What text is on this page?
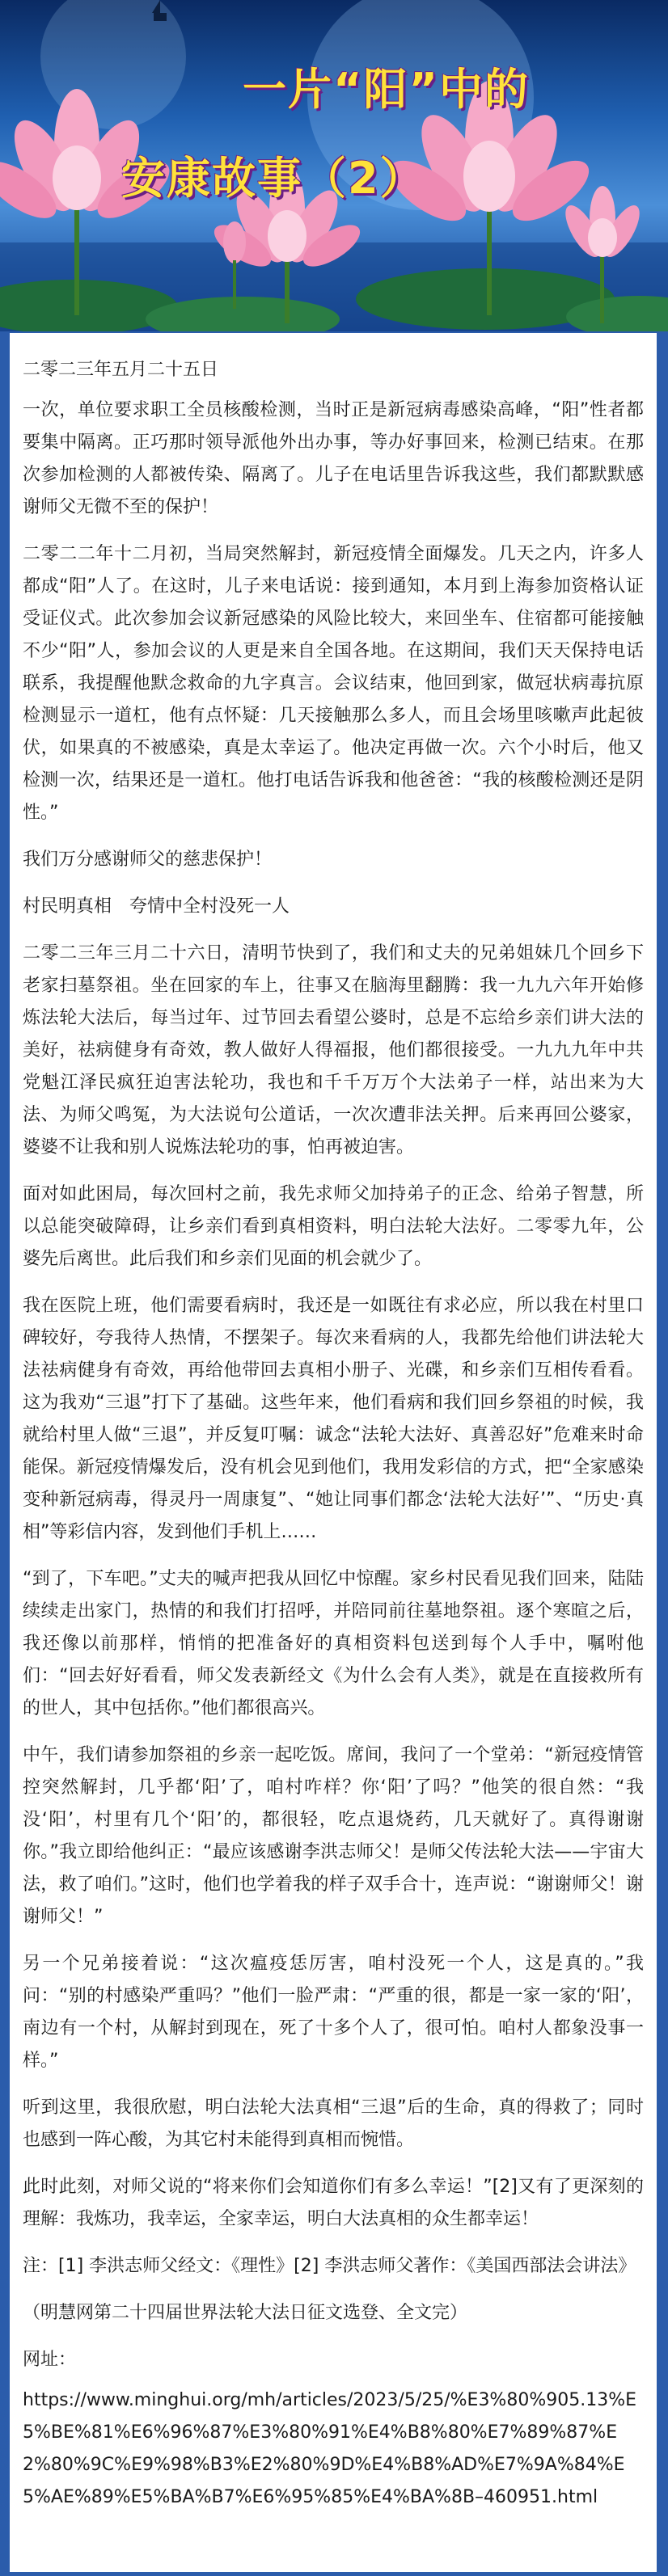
一片“阳”中的
安康故事（2）

二零二三年五月二十五日

一次，单位要求职工全员核酸检测，当时正是新冠病毒感染高峰，“阳”性者都要集中隔离。正巧那时领导派他外出办事，等办好事回来，检测已结束。在那次参加检测的人都被传染、隔离了。儿子在电话里告诉我这些，我们都默默感谢师父无微不至的保护！

二零二二年十二月初，当局突然解封，新冠疫情全面爆发。几天之内，许多人都成“阳”人了。在这时，儿子来电话说：接到通知，本月到上海参加资格认证受证仪式。此次参加会议新冠感染的风险比较大，来回坐车、住宿都可能接触不少“阳”人，参加会议的人更是来自全国各地。在这期间，我们天天保持电话联系，我提醒他默念救命的九字真言。会议结束，他回到家，做冠状病毒抗原检测显示一道杠，他有点怀疑：几天接触那么多人，而且会场里咳嗽声此起彼伏，如果真的不被感染，真是太幸运了。他决定再做一次。六个小时后，他又检测一次，结果还是一道杠。他打电话告诉我和他爸爸：“我的核酸检测还是阴性。”

我们万分感谢师父的慈悲保护！

村民明真相　夸情中全村没死一人

二零二三年三月二十六日，清明节快到了，我们和丈夫的兄弟姐妹几个回乡下老家扫墓祭祖。坐在回家的车上，往事又在脑海里翻腾：我一九九六年开始修炼法轮大法后，每当过年、过节回去看望公婆时，总是不忘给乡亲们讲大法的美好，祛病健身有奇效，教人做好人得福报，他们都很接受。一九九九年中共党魁江泽民疯狂迫害法轮功，我也和千千万万个大法弟子一样，站出来为大法、为师父鸣冤，为大法说句公道话，一次次遭非法关押。后来再回公婆家，婆婆不让我和别人说炼法轮功的事，怕再被迫害。

面对如此困局，每次回村之前，我先求师父加持弟子的正念、给弟子智慧，所以总能突破障碍，让乡亲们看到真相资料，明白法轮大法好。二零零九年，公婆先后离世。此后我们和乡亲们见面的机会就少了。

我在医院上班，他们需要看病时，我还是一如既往有求必应，所以我在村里口碑较好，夸我待人热情，不摆架子。每次来看病的人，我都先给他们讲法轮大法祛病健身有奇效，再给他带回去真相小册子、光碟，和乡亲们互相传看看。这为我劝“三退”打下了基础。这些年来，他们看病和我们回乡祭祖的时候，我就给村里人做“三退”，并反复叮嘱：诚念“法轮大法好、真善忍好”危难来时命能保。新冠疫情爆发后，没有机会见到他们，我用发彩信的方式，把“全家感染变种新冠病毒，得灵丹一周康复”、“她让同事们都念‘法轮大法好’”、“历史·真相”等彩信内容，发到他们手机上……

“到了，下车吧。”丈夫的喊声把我从回忆中惊醒。家乡村民看见我们回来，陆陆续续走出家门，热情的和我们打招呼，并陪同前往墓地祭祖。逐个寒暄之后，我还像以前那样，悄悄的把准备好的真相资料包送到每个人手中，嘱咐他们：“回去好好看看，师父发表新经文《为什么会有人类》，就是在直接救所有的世人，其中包括你。”他们都很高兴。

中午，我们请参加祭祖的乡亲一起吃饭。席间，我问了一个堂弟：“新冠疫情管控突然解封，几乎都‘阳’了，咱村咋样？你‘阳’了吗？”他笑的很自然：“我没‘阳’，村里有几个‘阳’的，都很轻，吃点退烧药，几天就好了。真得谢谢你。”我立即给他纠正：“最应该感谢李洪志师父！是师父传法轮大法——宇宙大法，救了咱们。”这时，他们也学着我的样子双手合十，连声说：“谢谢师父！谢谢师父！”

另一个兄弟接着说：“这次瘟疫恁厉害，咱村没死一个人，这是真的。”我问：“别的村感染严重吗？”他们一脸严肃：“严重的很，都是一家一家的‘阳’，南边有一个村，从解封到现在，死了十多个人了，很可怕。咱村人都象没事一样。”

听到这里，我很欣慰，明白法轮大法真相“三退”后的生命，真的得救了；同时也感到一阵心酸，为其它村未能得到真相而惋惜。

此时此刻，对师父说的“将来你们会知道你们有多么幸运！”[2]又有了更深刻的理解：我炼功，我幸运，全家幸运，明白大法真相的众生都幸运！

注：[1] 李洪志师父经文：《理性》[2] 李洪志师父著作：《美国西部法会讲法》

（明慧网第二十四届世界法轮大法日征文选登、全文完）

网址：

https://www.minghui.org/mh/articles/2023/5/25/%E3%80%905.13%E5%BE%81%E6%96%87%E3%80%91%E4%B8%80%E7%89%87%E2%80%9C%E9%98%B3%E2%80%9D%E4%B8%AD%E7%9A%84%E5%AE%89%E5%BA%B7%E6%95%85%E4%BA%8B–460951.html
